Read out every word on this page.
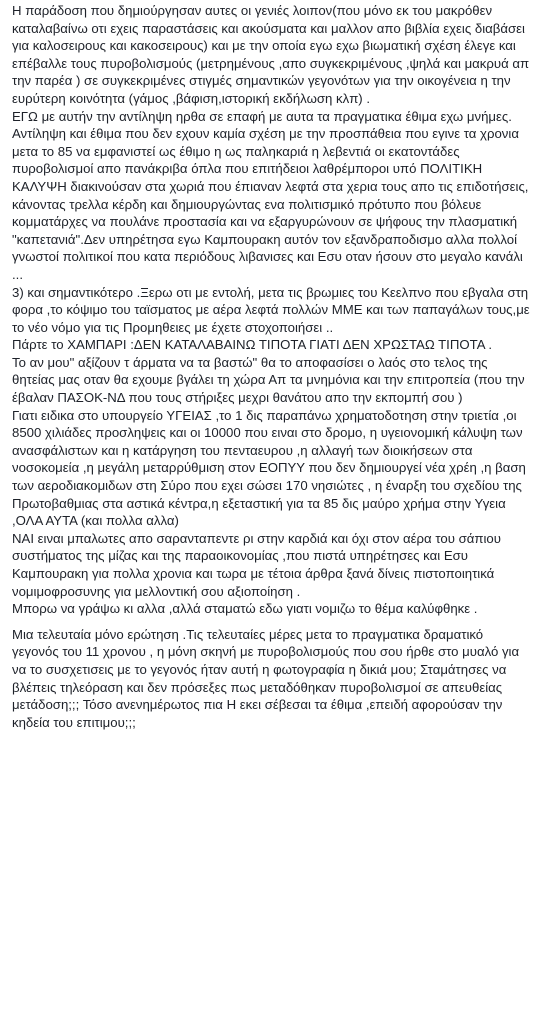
Η παράδοση που δημιούργησαν αυτες οι γενιές λοιπον(που μόνο εκ του μακρόθεν καταλαβαίνω οτι εχεις παραστάσεις και ακούσματα και μαλλον απο βιβλία εχεις διαβάσει για καλοσειρους και κακοσειρους) και με την οποία εγω εχω βιωματική σχέση έλεγε και επέβαλλε τους πυροβολισμούς (μετρημένους ,απο συγκεκριμένους ,ψηλά και μακρυά απ την παρέα ) σε συγκεκριμένες στιγμές σημαντικών γεγονότων για την οικογένεια η την ευρύτερη κοινότητα (γάμος ,βάφιση,ιστορική εκδήλωση κλπ) .

ΕΓΩ με αυτήν την αντίληψη ηρθα σε επαφή με αυτα τα πραγματικα έθιμα εχω μνήμες.

Αντίληψη και έθιμα που δεν εχουν καμία σχέση με την προσπάθεια που εγινε τα χρονια μετα το 85 να εμφανιστεί ως έθιμο η ως παληκαριά η λεβεντιά οι εκατοντάδες πυροβολισμοί απο πανάκριβα όπλα που επιτήδειοι λαθρέμποροι υπό ΠΟΛΙΤΙΚΗ ΚΑΛΥΨΗ διακινούσαν στα χωριά που έπιαναν λεφτά στα χερια τους απο τις επιδοτήσεις, κάνοντας τρελλα κέρδη και δημιουργώντας ενα πολιτισμικό πρότυπο που βόλευε κομματάρχες να πουλάνε προστασία και να εξαργυρώνουν σε ψήφους την πλασματική "καπετανιά".Δεν υπηρέτησα εγω Καμπουρακη αυτόν τον εξανδραποδισμο αλλα πολλοί γνωστοί πολιτικοί που κατα περιόδους λιβανισες και Εσυ οταν ήσουν στο μεγαλο κανάλι ...

3) και σημαντικότερο .Ξερω οτι με εντολή, μετα τις βρωμιες του Κεελπνο που εβγαλα στη φορα ,το κόψιμο του ταϊσματος με αέρα λεφτά πολλών ΜΜΕ και των παπαγάλων τους,με το νέο νόμο για τις Προμηθειες με έχετε στοχοποιήσει ..

Πάρτε το ΧΑΜΠΑΡΙ :ΔΕΝ ΚΑΤΑΛΑΒΑΙΝΩ ΤΙΠΟΤΑ ΓΙΑΤΙ ΔΕΝ ΧΡΩΣΤΑΩ ΤΙΠΟΤΑ .

Το αν μου" αξίζουν τ άρματα να τα βαστώ" θα το αποφασίσει ο λαός στο τελος της θητείας μας οταν θα εχουμε βγάλει τη χώρα Απ τα μνημόνια και την επιτροπεία (που την έβαλαν ΠΑΣΟΚ-ΝΔ που τους στήριξες μεχρι θανάτου απο την εκπομπή σου )

Γιατι ειδικα στο υπουργείο ΥΓΕΙΑΣ ,το 1 δις παραπάνω χρηματοδοτηση στην τριετία ,οι 8500 χιλιάδες προσληψεις και οι 10000 που ειναι στο δρομο, η υγειονομική κάλυψη των ανασφάλιστων και η κατάργηση του πενταευρου ,η αλλαγή των διοικήσεων στα νοσοκομεία ,η μεγάλη μεταρρύθμιση στον ΕΟΠΥΥ που δεν δημιουργεί νέα χρέη ,η βαση των αεροδιακομιδων στη Σύρο που εχει σώσει 170 νησιώτες , η έναρξη του σχεδίου της Πρωτοβαθμιας στα αστικά κέντρα,η εξεταστική για τα 85 δις μαύρο χρήμα στην Υγεια ,ΟΛΑ ΑΥΤΑ (και πολλα αλλα)

ΝΑΙ ειναι μπαλωτες απο σαρανταπεντε ρι στην καρδιά και όχι στον αέρα του σάπιου συστήματος της μίζας και της παραοικονομίας ,που πιστά υπηρέτησες και Εσυ Καμπουρακη για πολλα χρονια και τωρα με τέτοια άρθρα ξανά δίνεις πιστοποιητικά νομιμοφροσυνης για μελλοντική σου αξιοποίηση .

Μπορω να γράψω κι αλλα ,αλλά σταματώ εδω γιατι νομιζω το θέμα καλύφθηκε .

Μια τελευταία μόνο ερώτηση .Τις τελευταίες μέρες μετα το πραγματικα δραματικό γεγονός του 11 χρονου , η μόνη σκηνή με πυροβολισμούς που σου ήρθε στο μυαλό για να το συσχετισεις με το γεγονός ήταν αυτή η φωτογραφία η δικιά μου; Σταμάτησες να βλέπεις τηλεόραση και δεν πρόσεξες πως μεταδόθηκαν πυροβολισμοί σε απευθείας μετάδοση;;; Τόσο ανενημέρωτος πια Η εκει σέβεσαι τα έθιμα ,επειδή αφορούσαν την κηδεία του επιτιμου;;;
